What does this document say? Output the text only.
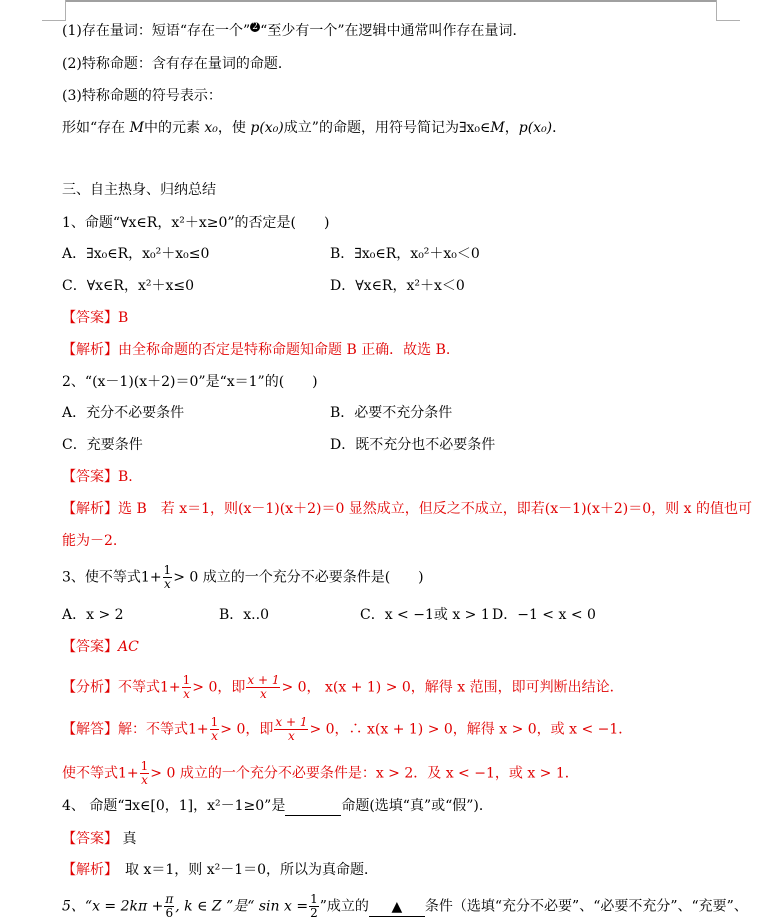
(1)存在量词：短语“存在一个” 2 “至少有一个”在逻辑中通常叫作存在量词．
(2)特称命题：含有存在量词的命题．
(3)特称命题的符号表示：
形如“存在 M中的元素 x₀，使 p(x₀)成立”的命题，用符号简记为∃x₀∈M，p(x₀)．
三、自主热身、归纳总结
1、命题“∀x∈R，x²＋x≥0”的否定是(　　)
A．∃x₀∈R，x₀²＋x₀≤0	B．∃x₀∈R，x₀²＋x₀＜0
C．∀x∈R，x²＋x≤0	D．∀x∈R，x²＋x＜0
【答案】B
【解析】由全称命题的否定是特称命题知命题 B 正确．故选 B.
2、“(x－1)(x＋2)＝0”是“x＝1”的(　　)
A．充分不必要条件	B．必要不充分条件
C．充要条件	D．既不充分也不必要条件
【答案】B.
【解析】选 B　若 x＝1，则(x－1)(x＋2)＝0 显然成立，但反之不成立，即若(x－1)(x＋2)＝0，则 x 的值也可
能为－2.
3、使不等式$1+ \frac{1}{x} > 0$ 成立的一个充分不必要条件是(　　)
A．x > 2	B．x..0	C．x < −1或 x > 1 D．−1 < x < 0
【答案】AC
【分析】不等式$1+ \frac{1}{x} > 0$，即 $\frac{x + 1}{x} > 0$， x(x + 1) > 0，解得 x 范围，即可判断出结论．
【解答】解：不等式$1+ \frac{1}{x} > 0$，即 $\frac{x + 1}{x} > 0$，∴ x(x + 1) > 0，解得 x > 0，或 x < −1．
使不等式$1+ \frac{1}{x} > 0$ 成立的一个充分不必要条件是：x > 2．及 x < −1，或 x > 1．
4、 命题“∃x∈[0，1]，x²－1≥0”是	命题(选填“真”或“假”)．
【答案】 真
【解析】　取 x＝1，则 x²－1＝0，所以为真命题．
5、“$x = 2k\pi + \frac{\pi}{6}$ , k ∈ Z ”是“ $\sin x = \frac{1}{2}$ ”成立的 ▲ 条件（选填“充分不必要”、“必要不充分”、“充要”、
